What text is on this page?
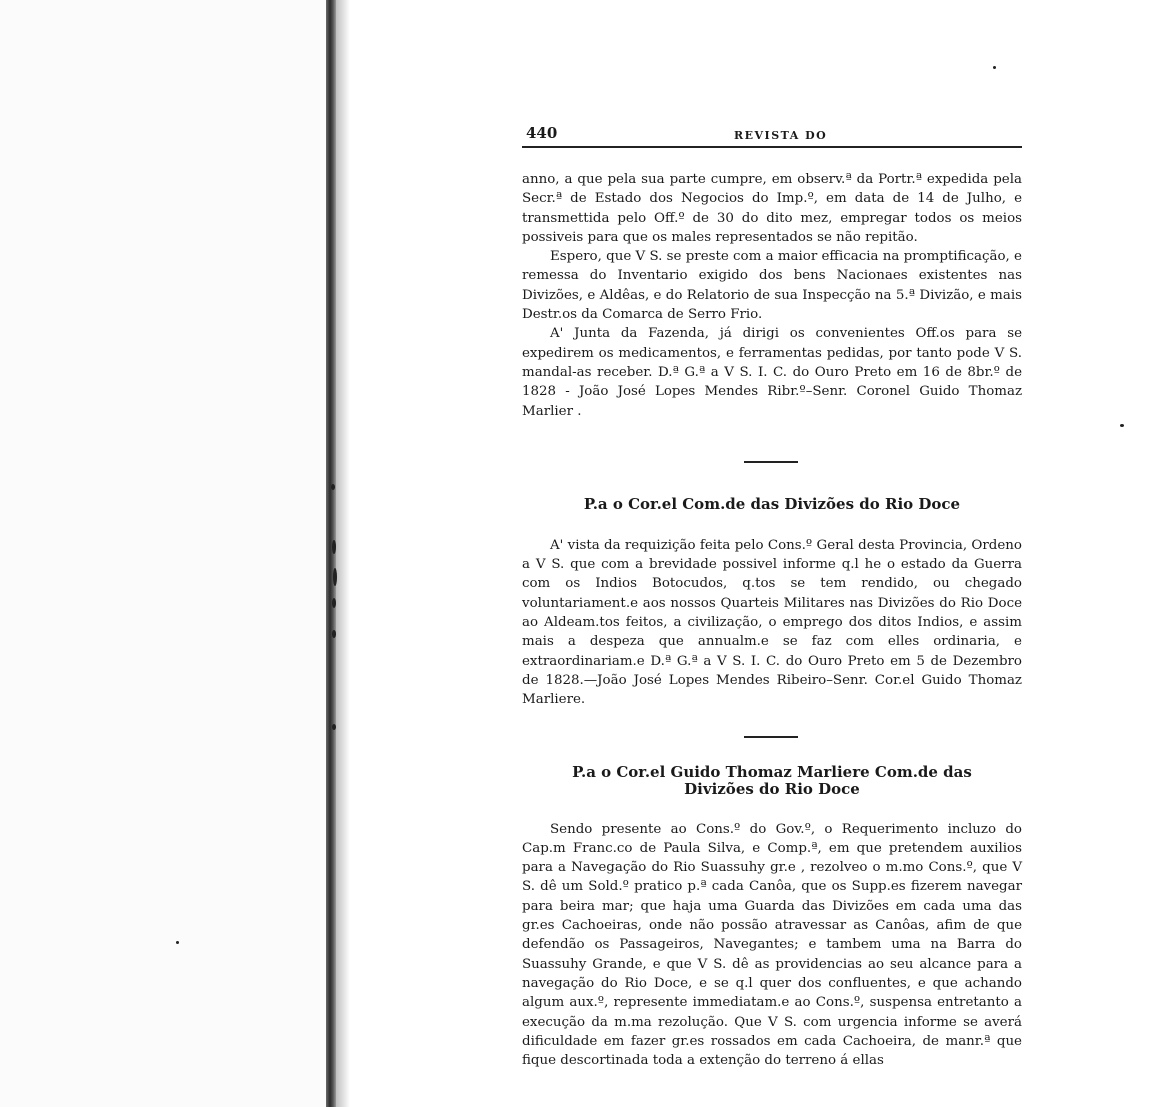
440	REVISTA DO

anno, a que pela sua parte cumpre, em observ.ª da Portr.ª expedida pela Secr.ª de Estado dos Negocios do Imp.º, em data de 14 de Julho, e transmettida pelo Off.º de 30 do dito mez, empregar todos os meios possiveis para que os males representados se não repitão.

Espero, que V S. se preste com a maior efficacia na promptificação, e remessa do Inventario exigido dos bens Nacionaes existentes nas Divizões, e Aldêas, e do Relatorio de sua Inspecção na 5.ª Divizão, e mais Destr.os da Comarca de Serro Frio.

A' Junta da Fazenda, já dirigi os convenientes Off.os para se expedirem os medicamentos, e ferramentas pedidas, por tanto pode V S. mandal-as receber. D.ª G.ª a V S. I. C. do Ouro Preto em 16 de 8br.º de 1828 - João José Lopes Mendes Ribr.º–Senr. Coronel Guido Thomaz Marlier .

P.a o Cor.el Com.de das Divizões do Rio Doce

A' vista da requizição feita pelo Cons.º Geral desta Provincia, Ordeno a V S. que com a brevidade possivel informe q.l he o estado da Guerra com os Indios Botocudos, q.tos se tem rendido, ou chegado voluntariament.e aos nossos Quarteis Militares nas Divizões do Rio Doce ao Aldeam.tos feitos, a civilização, o emprego dos ditos Indios, e assim mais a despeza que annualm.e se faz com elles ordinaria, e extraordinariam.e D.ª G.ª a V S. I. C. do Ouro Preto em 5 de Dezembro de 1828.—João José Lopes Mendes Ribeiro–Senr. Cor.el Guido Thomaz Marliere.

P.a o Cor.el Guido Thomaz Marliere Com.de das

Divizões do Rio Doce

Sendo presente ao Cons.º do Gov.º, o Requerimento incluzo do Cap.m Franc.co de Paula Silva, e Comp.ª, em que pretendem auxilios para a Navegação do Rio Suassuhy gr.e , rezolveo o m.mo Cons.º, que V S. dê um Sold.º pratico p.ª cada Canôa, que os Supp.es fizerem navegar para beira mar; que haja uma Guarda das Divizões em cada uma das gr.es Cachoeiras, onde não possão atravessar as Canôas, afim de que defendão os Passageiros, Navegantes; e tambem uma na Barra do Suassuhy Grande, e que V S. dê as providencias ao seu alcance para a navegação do Rio Doce, e se q.l quer dos confluentes, e que achando algum aux.º, represente immediatam.e ao Cons.º, suspensa entretanto a execução da m.ma rezolução. Que V S. com urgencia informe se averá dificuldade em fazer gr.es rossados em cada Cachoeira, de manr.ª que fique descortinada toda a extenção do terreno á ellas
